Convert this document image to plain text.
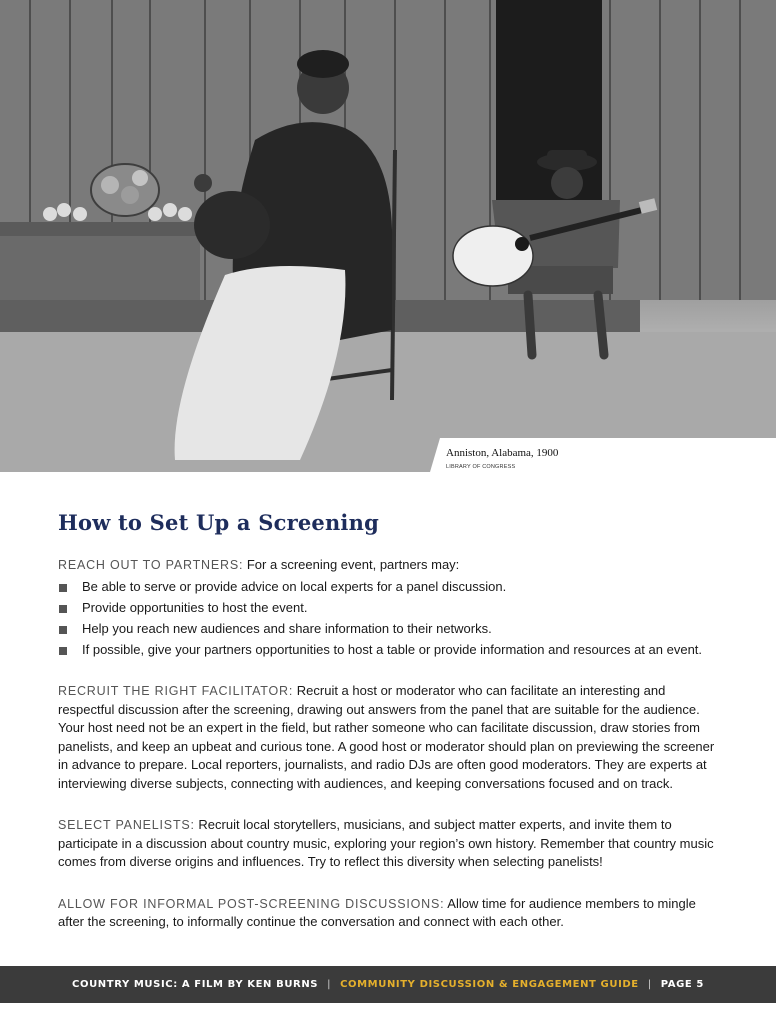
Anniston, Alabama, 1900
LIBRARY OF CONGRESS
How to Set Up a Screening
REACH OUT TO PARTNERS: For a screening event, partners may:
Be able to serve or provide advice on local experts for a panel discussion.
Provide opportunities to host the event.
Help you reach new audiences and share information to their networks.
If possible, give your partners opportunities to host a table or provide information and resources at an event.
RECRUIT THE RIGHT FACILITATOR: Recruit a host or moderator who can facilitate an interesting and respectful discussion after the screening, drawing out answers from the panel that are suitable for the audience. Your host need not be an expert in the field, but rather someone who can facilitate discussion, draw stories from panelists, and keep an upbeat and curious tone. A good host or moderator should plan on previewing the screener in advance to prepare. Local reporters, journalists, and radio DJs are often good moderators. They are experts at interviewing diverse subjects, connecting with audiences, and keeping conversations focused and on track.
SELECT PANELISTS: Recruit local storytellers, musicians, and subject matter experts, and invite them to participate in a discussion about country music, exploring your region’s own history. Remember that country music comes from diverse origins and influences. Try to reflect this diversity when selecting panelists!
ALLOW FOR INFORMAL POST-SCREENING DISCUSSIONS: Allow time for audience members to mingle after the screening, to informally continue the conversation and connect with each other.
COUNTRY MUSIC: A FILM BY KEN BURNS | COMMUNITY DISCUSSION & ENGAGEMENT GUIDE | PAGE 5
